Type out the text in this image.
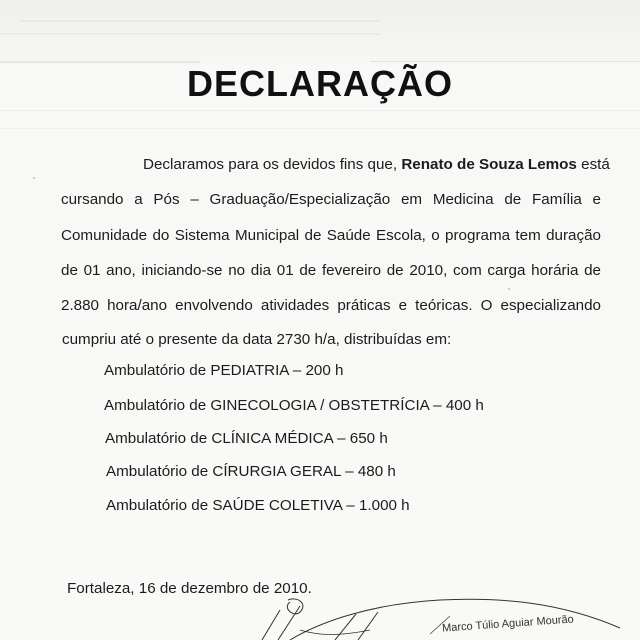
DECLARAÇÃO
Declaramos para os devidos fins que, Renato de Souza Lemos está
cursando a Pós – Graduação/Especialização em Medicina de Família e
Comunidade do Sistema Municipal de Saúde Escola, o programa tem duração
de 01 ano, iniciando-se no dia 01 de fevereiro de 2010, com carga horária de
2.880 hora/ano envolvendo atividades práticas e teóricas. O especializando
cumpriu até o presente da data 2730 h/a, distribuídas em:
Ambulatório de PEDIATRIA – 200 h
Ambulatório de GINECOLOGIA / OBSTETRÍCIA – 400 h
Ambulatório de CLÍNICA MÉDICA – 650 h
Ambulatório de CÍRURGIA GERAL – 480 h
Ambulatório de SAÚDE COLETIVA – 1.000 h
Fortaleza, 16 de dezembro de 2010.
Marco Túlio Aguiar Mourão
